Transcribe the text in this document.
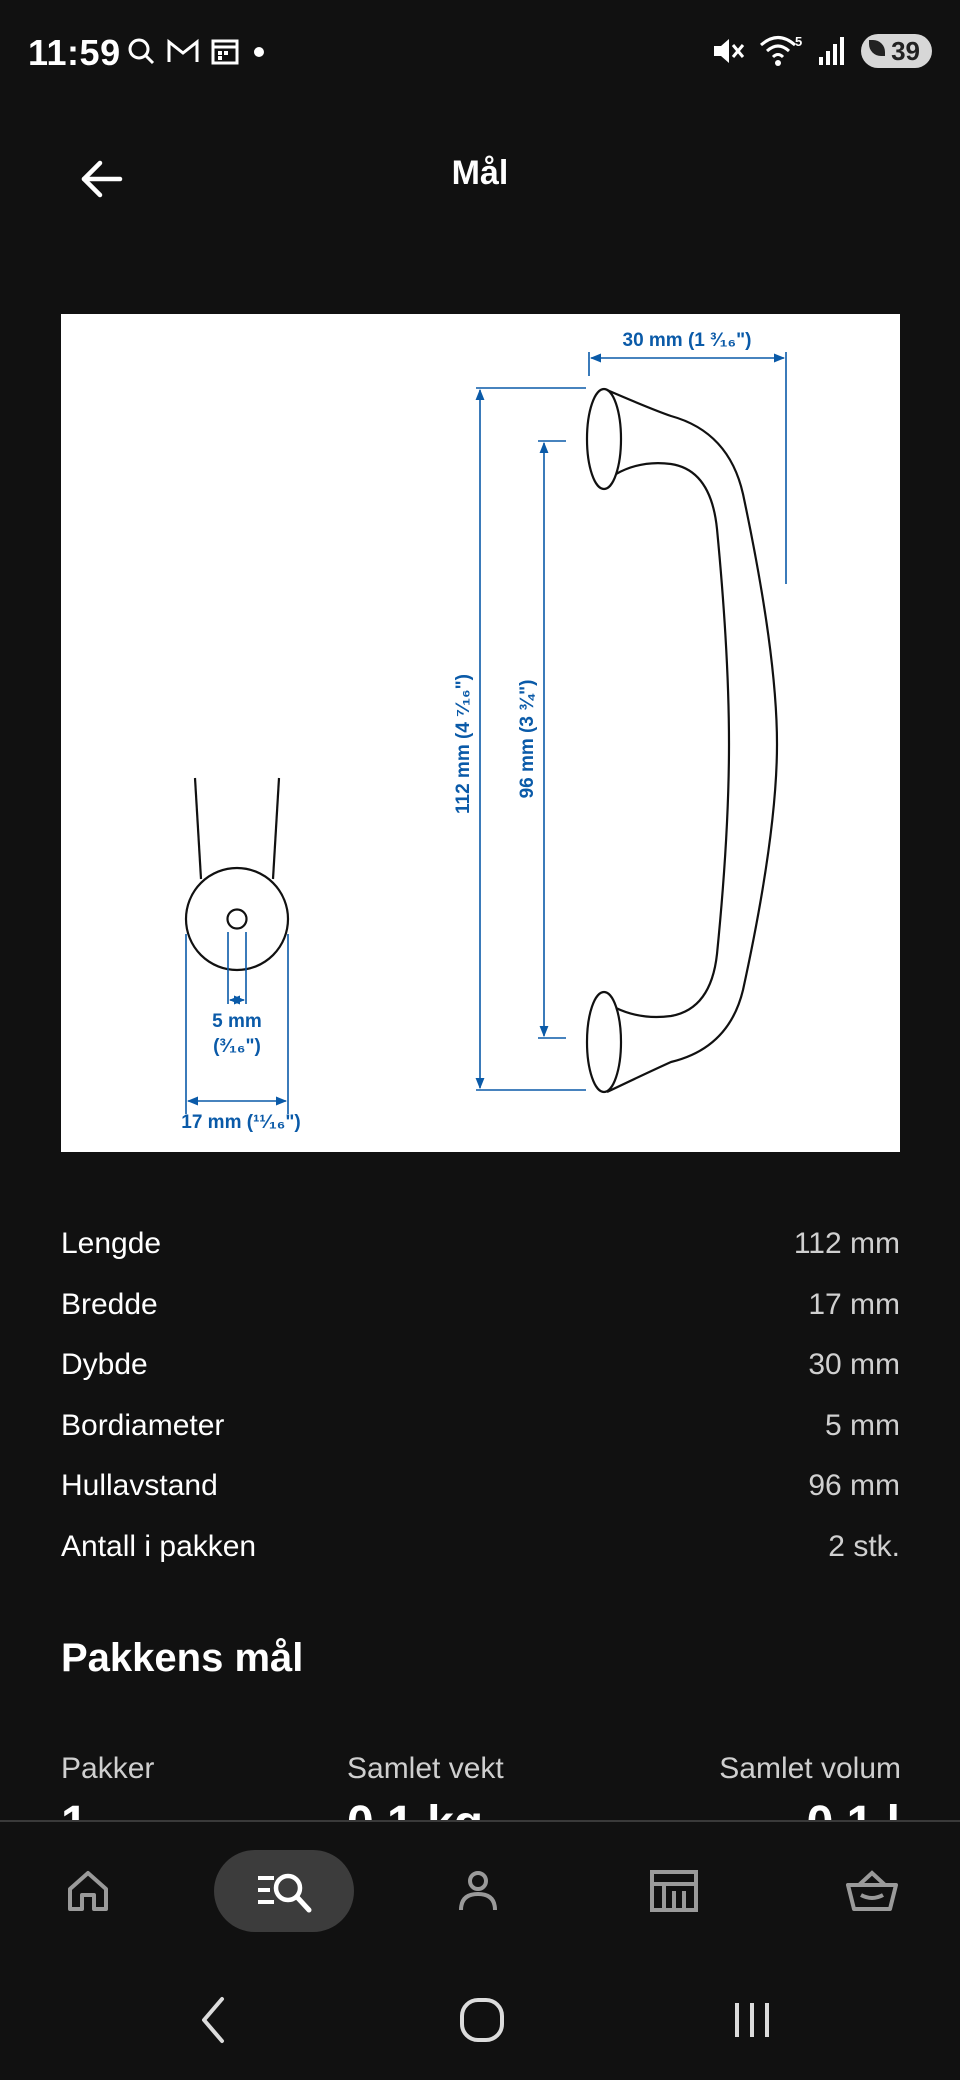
11:59	5	39
Mål
30 mm (1 ³⁄₁₆")
112 mm (4 ⁷⁄₁₆") 96 mm (3 ¾")
5 mm
(³⁄₁₆")
17 mm (¹¹⁄₁₆")
Lengde	112 mm
Bredde	17 mm
Dybde	30 mm
Bordiameter	5 mm
Hullavstand	96 mm
Antall i pakken	2 stk.
Pakkens mål
Pakker	Samlet vekt	Samlet volum
